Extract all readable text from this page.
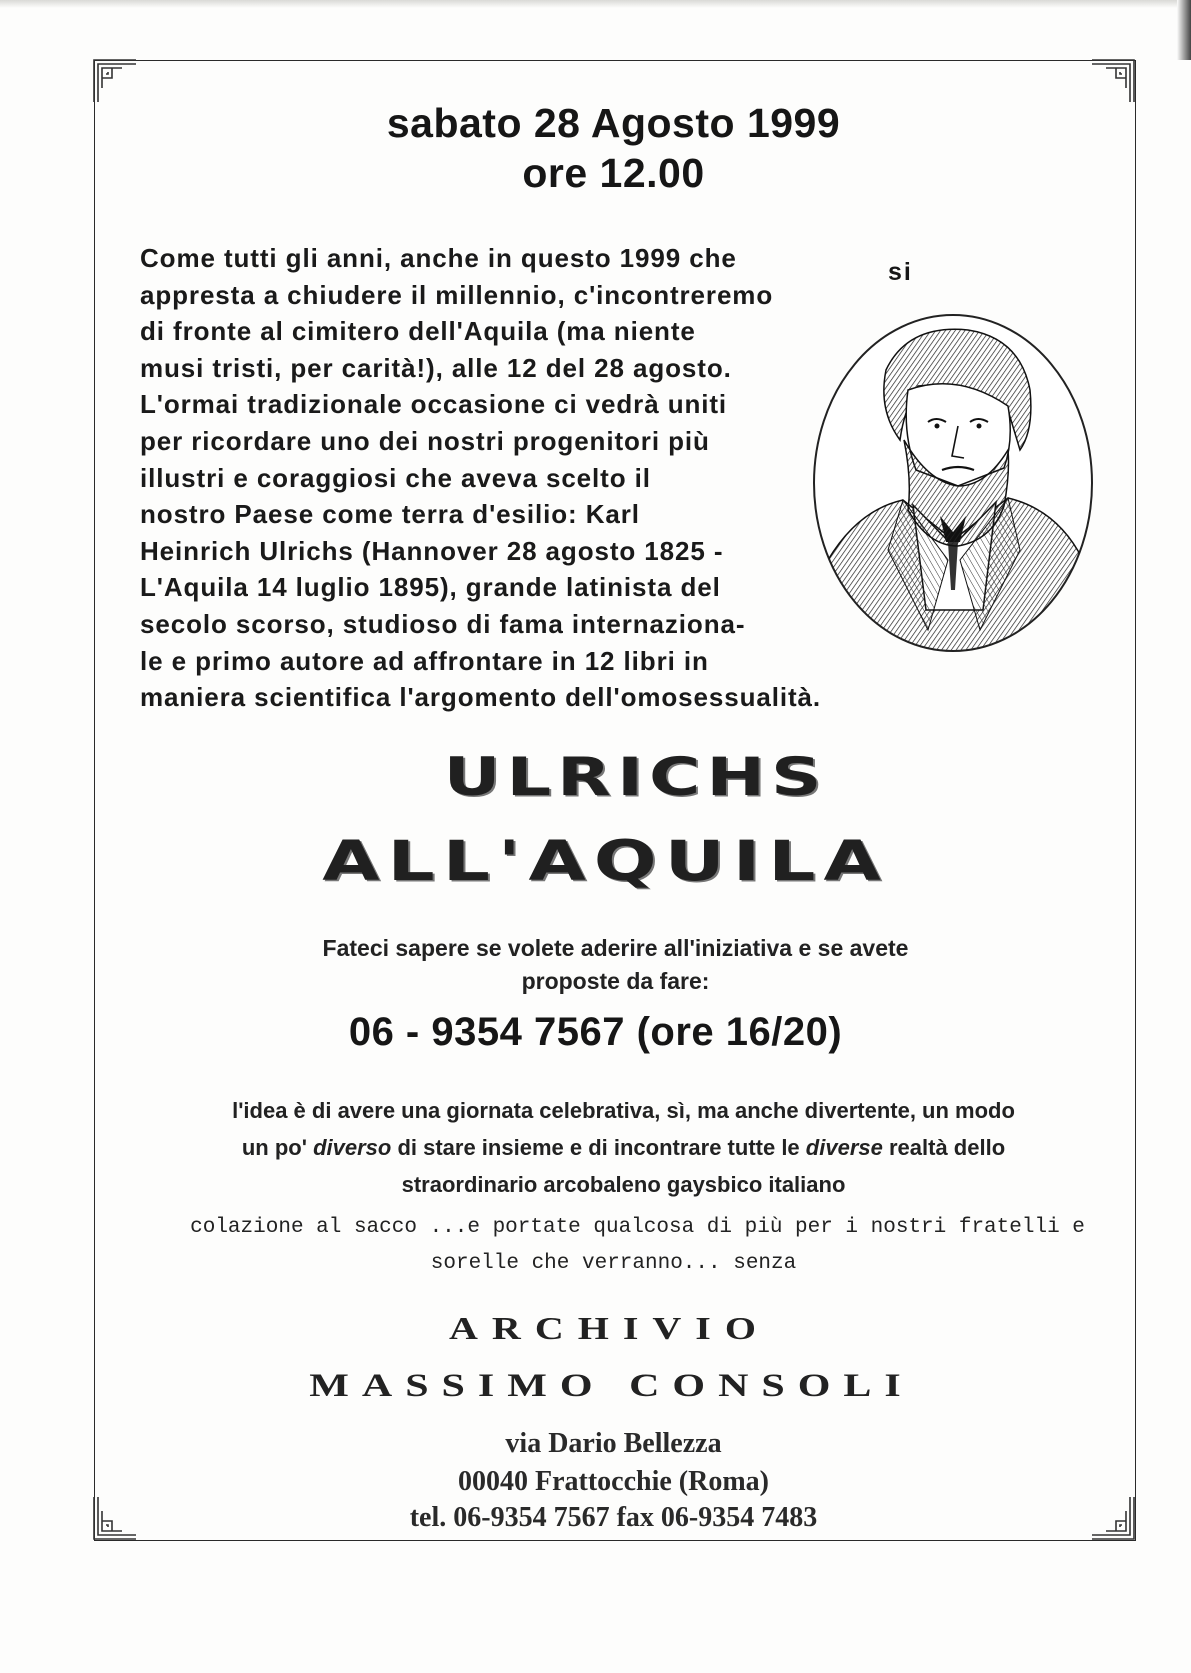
sabato 28 Agosto 1999
ore 12.00
Come tutti gli anni, anche in questo 1999 che
appresta a chiudere il millennio, c'incontreremo
di fronte al cimitero dell'Aquila (ma niente
musi tristi, per carità!), alle 12 del 28 agosto.
L'ormai tradizionale occasione ci vedrà uniti
per ricordare uno dei nostri progenitori più
illustri e coraggiosi che aveva scelto il
nostro Paese come terra d'esilio: Karl
Heinrich Ulrichs (Hannover 28 agosto 1825 -
L'Aquila 14 luglio 1895), grande latinista del
secolo scorso, studioso di fama internaziona-
le e primo autore ad affrontare in 12 libri in
maniera scientifica l'argomento dell'omosessualità.
si
ULRICHS
ALL'AQUILA
Fateci sapere se volete aderire all'iniziativa e se avete
proposte da fare:
06 - 9354 7567 (ore 16/20)
l'idea è di avere una giornata celebrativa, sì, ma anche divertente, un modo
un po' diverso di stare insieme e di incontrare tutte le diverse realtà dello
straordinario arcobaleno gaysbico italiano
colazione al sacco ...e portate qualcosa di più per i nostri fratelli e
sorelle che verranno... senza
ARCHIVIO
MASSIMO CONSOLI
via Dario Bellezza
00040 Frattocchie (Roma)
tel. 06-9354 7567 fax 06-9354 7483
